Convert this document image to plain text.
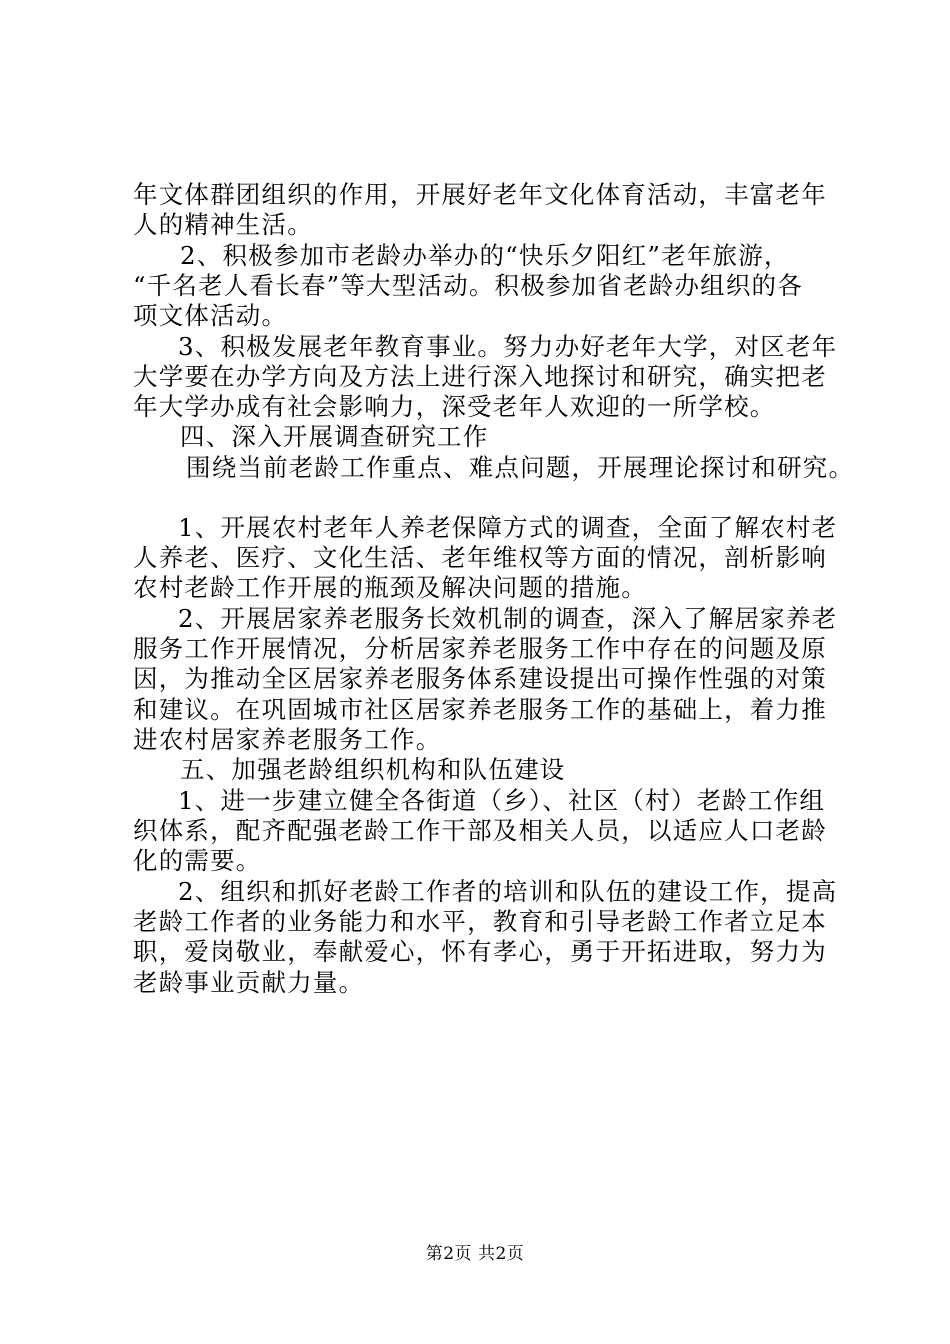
年文体群团组织的作用，开展好老年文化体育活动，丰富老年
人的精神生活。
2、积极参加市老龄办举办的“快乐夕阳红”老年旅游，
“千名老人看长春”等大型活动。积极参加省老龄办组织的各
项文体活动。
3、积极发展老年教育事业。努力办好老年大学，对区老年
大学要在办学方向及方法上进行深入地探讨和研究，确实把老
年大学办成有社会影响力，深受老年人欢迎的一所学校。
四、深入开展调查研究工作
围绕当前老龄工作重点、难点问题，开展理论探讨和研究。
1、开展农村老年人养老保障方式的调查，全面了解农村老
人养老、医疗、文化生活、老年维权等方面的情况，剖析影响
农村老龄工作开展的瓶颈及解决问题的措施。
2、开展居家养老服务长效机制的调查，深入了解居家养老
服务工作开展情况，分析居家养老服务工作中存在的问题及原
因，为推动全区居家养老服务体系建设提出可操作性强的对策
和建议。在巩固城市社区居家养老服务工作的基础上，着力推
进农村居家养老服务工作。
五、加强老龄组织机构和队伍建设
1、进一步建立健全各街道（乡）、社区（村）老龄工作组
织体系，配齐配强老龄工作干部及相关人员，以适应人口老龄
化的需要。
2、组织和抓好老龄工作者的培训和队伍的建设工作，提高
老龄工作者的业务能力和水平，教育和引导老龄工作者立足本
职，爱岗敬业，奉献爱心，怀有孝心，勇于开拓进取，努力为
老龄事业贡献力量。
第2页 共2页
